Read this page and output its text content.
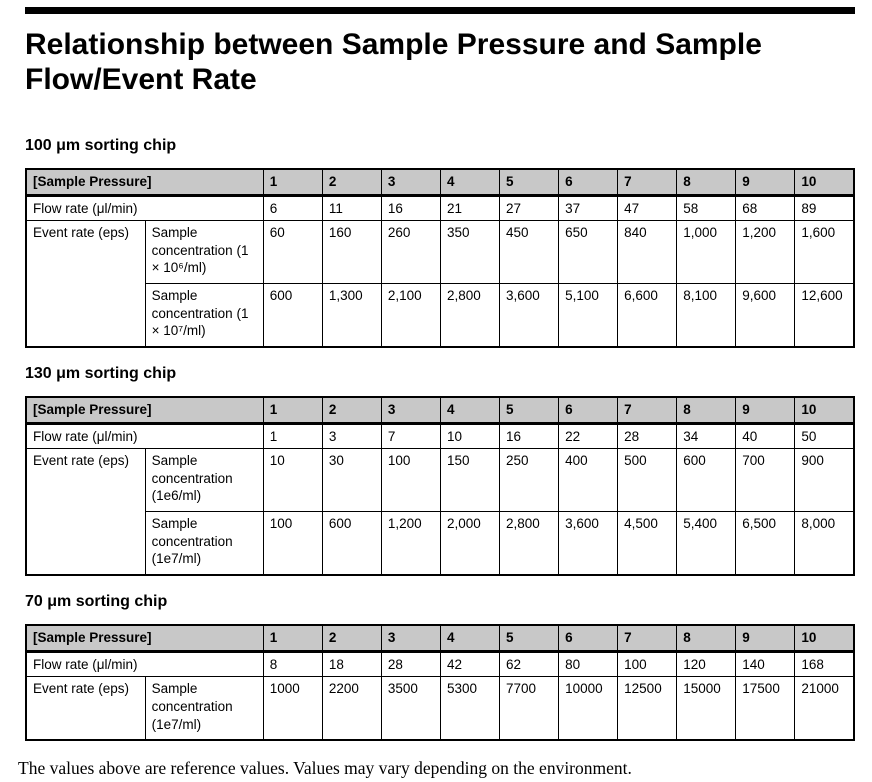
Relationship between Sample Pressure and Sample
Flow/Event Rate
100 μm sorting chip
[Sample Pressure]		1	2	3	4	5	6	7	8	9	10
Flow rate (μl/min)		6	11	16	21	27	37	47	58	68	89
Event rate (eps)	Sample concentration (1 × 10⁶/ml)	60	160	260	350	450	650	840	1,000	1,200	1,600
	Sample concentration (1 × 10⁷/ml)	600	1,300	2,100	2,800	3,600	5,100	6,600	8,100	9,600	12,600
130 μm sorting chip
[Sample Pressure]		1	2	3	4	5	6	7	8	9	10
Flow rate (μl/min)		1	3	7	10	16	22	28	34	40	50
Event rate (eps)	Sample concentration (1e6/ml)	10	30	100	150	250	400	500	600	700	900
	Sample concentration (1e7/ml)	100	600	1,200	2,000	2,800	3,600	4,500	5,400	6,500	8,000
70 μm sorting chip
[Sample Pressure]		1	2	3	4	5	6	7	8	9	10
Flow rate (μl/min)		8	18	28	42	62	80	100	120	140	168
Event rate (eps)	Sample concentration (1e7/ml)	1000	2200	3500	5300	7700	10000	12500	15000	17500	21000

The values above are reference values. Values may vary depending on the environment.
